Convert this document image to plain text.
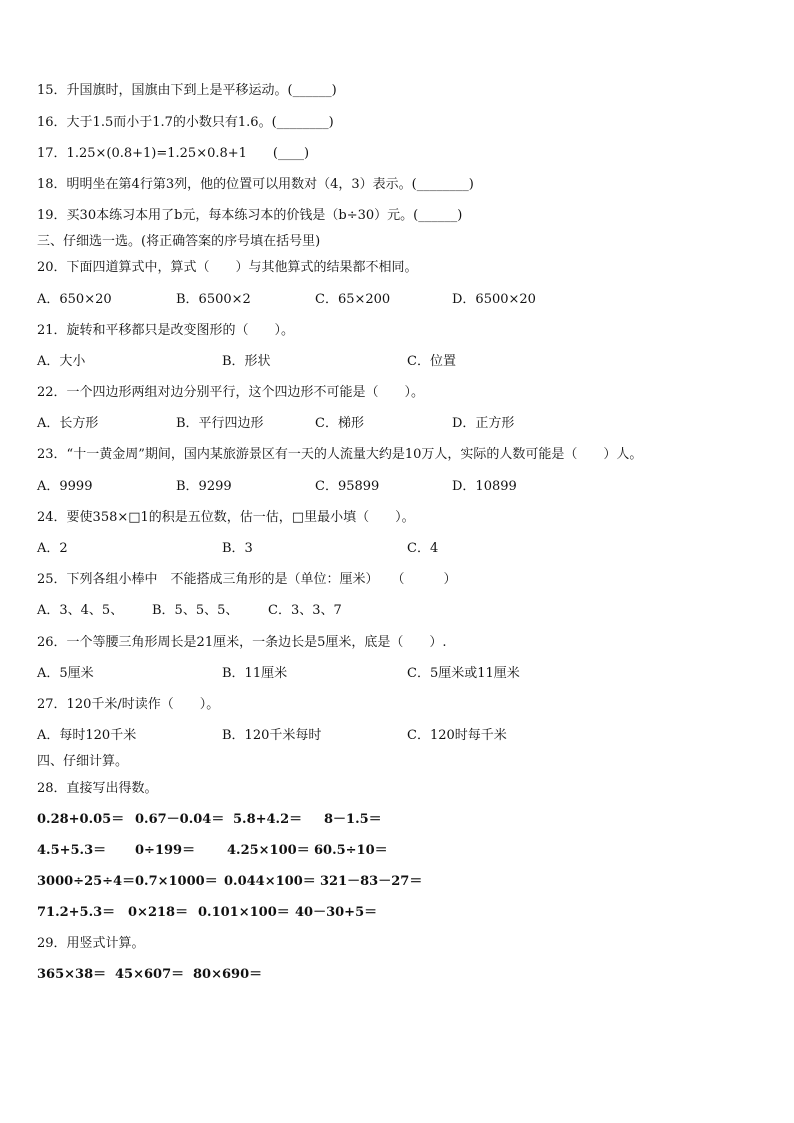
15．升国旗时，国旗由下到上是平移运动。(______)
16．大于1.5而小于1.7的小数只有1.6。(________)
17．1.25×(0.8+1)=1.25×0.8+1　　(____)
18．明明坐在第4行第3列，他的位置可以用数对（4，3）表示。(________)
19．买30本练习本用了b元，每本练习本的价钱是（b÷30）元。(______)
三、仔细选一选。(将正确答案的序号填在括号里)
20．下面四道算式中，算式（　　）与其他算式的结果都不相同。
A．650×20	B．6500×2	C．65×200	D．6500×20
21．旋转和平移都只是改变图形的（　　）。
A．大小	B．形状	C．位置
22．一个四边形两组对边分别平行，这个四边形不可能是（　　）。
A．长方形	B．平行四边形	C．梯形	D．正方形
23．“十一黄金周”期间，国内某旅游景区有一天的人流量大约是10万人，实际的人数可能是（　　）人。
A．9999	B．9299	C．95899	D．10899
24．要使358×□1的积是五位数，估一估，□里最小填（　　）。
A．2	B．3	C．4
25．下列各组小棒中　不能搭成三角形的是（单位：厘米）　　（　　　）
A．3、4、5、 B．5、5、5、 C．3、3、7
26．一个等腰三角形周长是21厘米，一条边长是5厘米，底是（　　）.
A．5厘米	B．11厘米	C．5厘米或11厘米
27．120千米/时读作（　　）。
A．每时120千米	B．120千米每时	C．120时每千米
四、仔细计算。
28．直接写出得数。
0.28+0.05＝ 0.67－0.04＝ 5.8+4.2＝ 8－1.5＝
4.5+5.3＝ 0÷199＝ 4.25×100＝ 60.5÷10＝
3000÷25÷4＝ 0.7×1000＝ 0.044×100＝ 321－83－27＝
71.2+5.3＝ 0×218＝ 0.101×100＝ 40－30+5＝
29．用竖式计算。
365×38＝ 45×607＝ 80×690＝
